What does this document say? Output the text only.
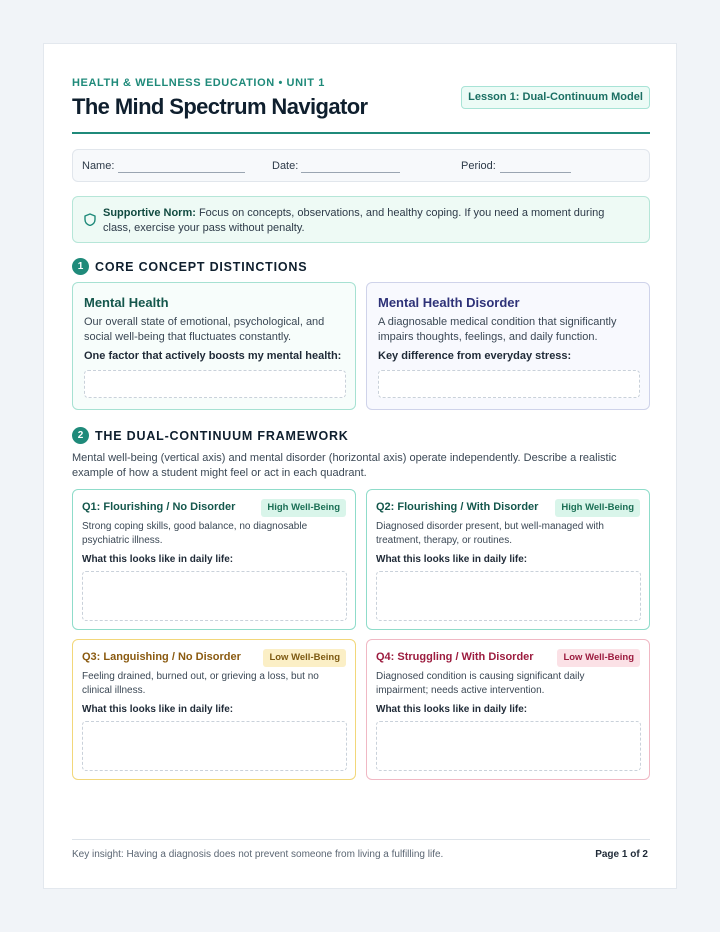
HEALTH & WELLNESS EDUCATION • UNIT 1
The Mind Spectrum Navigator	Lesson 1: Dual-Continuum Model
Name:	Date:	Period:
Supportive Norm: Focus on concepts, observations, and healthy coping. If you need a moment during class, exercise your pass without penalty.
1 CORE CONCEPT DISTINCTIONS
Mental Health
Our overall state of emotional, psychological, and social well-being that fluctuates constantly.
One factor that actively boosts my mental health:
Mental Health Disorder
A diagnosable medical condition that significantly impairs thoughts, feelings, and daily function.
Key difference from everyday stress:
2 THE DUAL-CONTINUUM FRAMEWORK
Mental well-being (vertical axis) and mental disorder (horizontal axis) operate independently. Describe a realistic example of how a student might feel or act in each quadrant.
Q1: Flourishing / No Disorder	High Well-Being
Strong coping skills, good balance, no diagnosable psychiatric illness.
What this looks like in daily life:
Q2: Flourishing / With Disorder	High Well-Being
Diagnosed disorder present, but well-managed with treatment, therapy, or routines.
What this looks like in daily life:
Q3: Languishing / No Disorder	Low Well-Being
Feeling drained, burned out, or grieving a loss, but no clinical illness.
What this looks like in daily life:
Q4: Struggling / With Disorder	Low Well-Being
Diagnosed condition is causing significant daily impairment; needs active intervention.
What this looks like in daily life:
Key insight: Having a diagnosis does not prevent someone from living a fulfilling life.	Page 1 of 2
